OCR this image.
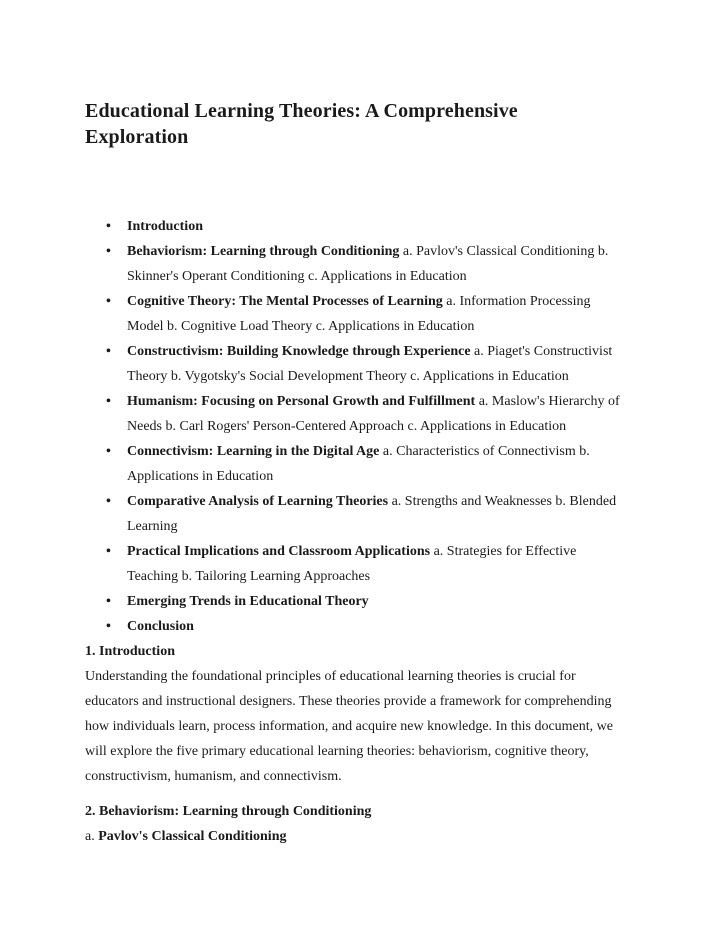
Educational Learning Theories: A Comprehensive Exploration
• Introduction
• Behaviorism: Learning through Conditioning a. Pavlov's Classical Conditioning b. Skinner's Operant Conditioning c. Applications in Education
• Cognitive Theory: The Mental Processes of Learning a. Information Processing Model b. Cognitive Load Theory c. Applications in Education
• Constructivism: Building Knowledge through Experience a. Piaget's Constructivist Theory b. Vygotsky's Social Development Theory c. Applications in Education
• Humanism: Focusing on Personal Growth and Fulfillment a. Maslow's Hierarchy of Needs b. Carl Rogers' Person-Centered Approach c. Applications in Education
• Connectivism: Learning in the Digital Age a. Characteristics of Connectivism b. Applications in Education
• Comparative Analysis of Learning Theories a. Strengths and Weaknesses b. Blended Learning
• Practical Implications and Classroom Applications a. Strategies for Effective Teaching b. Tailoring Learning Approaches
• Emerging Trends in Educational Theory
• Conclusion
1. Introduction

Understanding the foundational principles of educational learning theories is crucial for educators and instructional designers. These theories provide a framework for comprehending how individuals learn, process information, and acquire new knowledge. In this document, we will explore the five primary educational learning theories: behaviorism, cognitive theory, constructivism, humanism, and connectivism.

2. Behaviorism: Learning through Conditioning

a. Pavlov's Classical Conditioning
